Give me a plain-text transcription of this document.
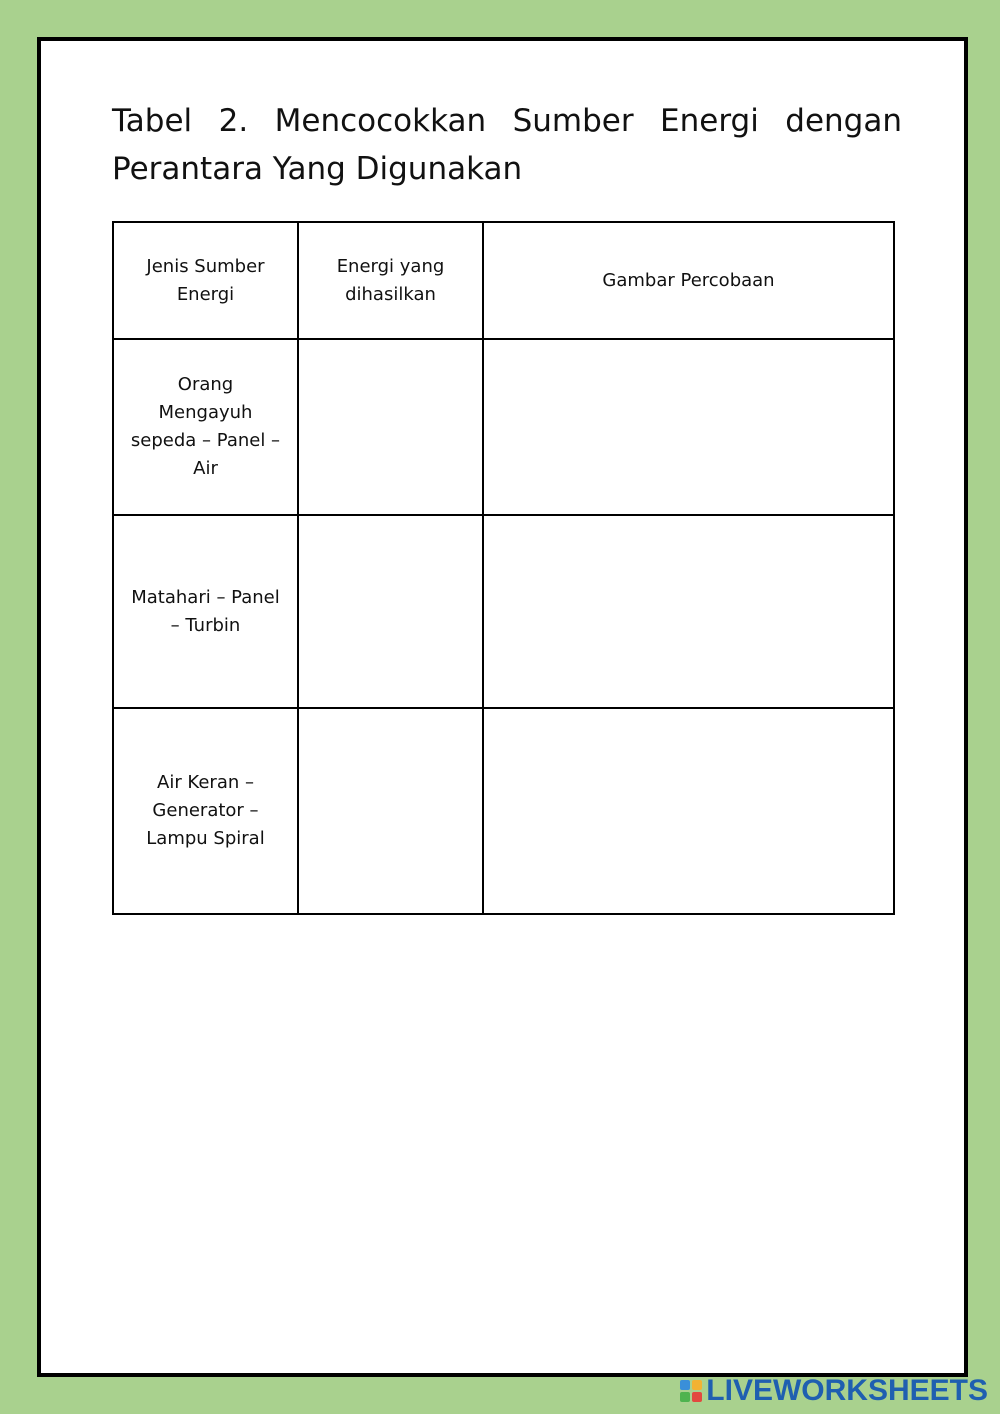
Tabel 2. Mencocokkan Sumber Energi dengan Perantara Yang Digunakan
Jenis Sumber Energi	Energi yang dihasilkan	Gambar Percobaan
Orang Mengayuh sepeda – Panel – Air		
Matahari – Panel – Turbin		
Air Keran – Generator – Lampu Spiral		
LIVEWORKSHEETS
